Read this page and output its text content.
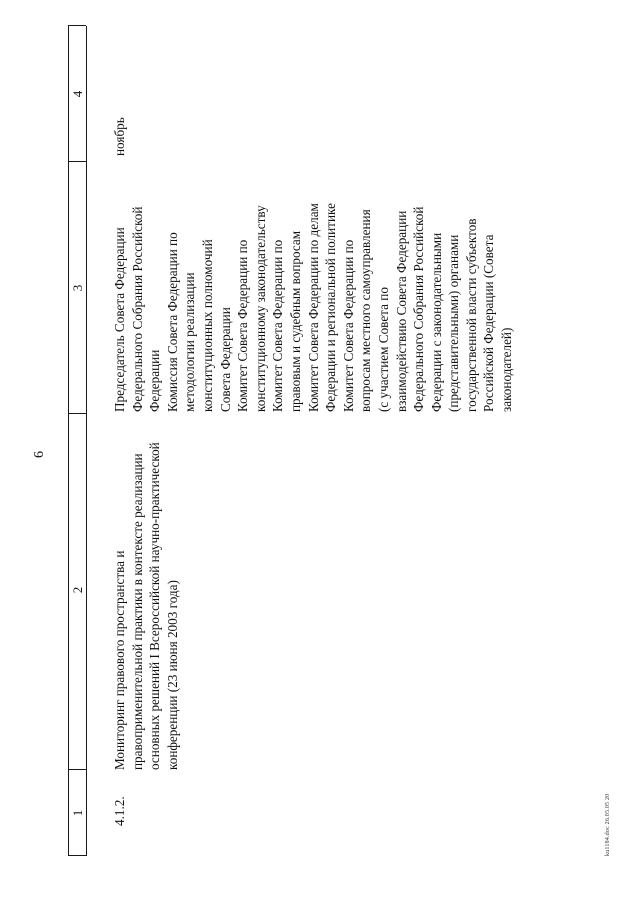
6
1
2
3
4
4.1.2.
Мониторинг правового пространства и правоприменительной практики в контексте реализации основных решений I Всероссийской научно-практической конференции (23 июня 2003 года)
Председатель Совета Федерации Федерального Собрания Российской Федерации Комиссия Совета Федерации по методологии реализации конституционных полномочий Совета Федерации Комитет Совета Федерации по конституционному законодательству Комитет Совета Федерации по правовым и судебным вопросам Комитет Совета Федерации по делам Федерации и региональной политике Комитет Совета Федерации по вопросам местного самоуправления (с участием Совета по взаимодействию Совета Федерации Федерального Собрания Российской Федерации с законодательными (представительными) органами государственной власти субъектов Российской Федерации (Совета законодателей)
ноябрь
ku1184.doc 26.05.05 20
